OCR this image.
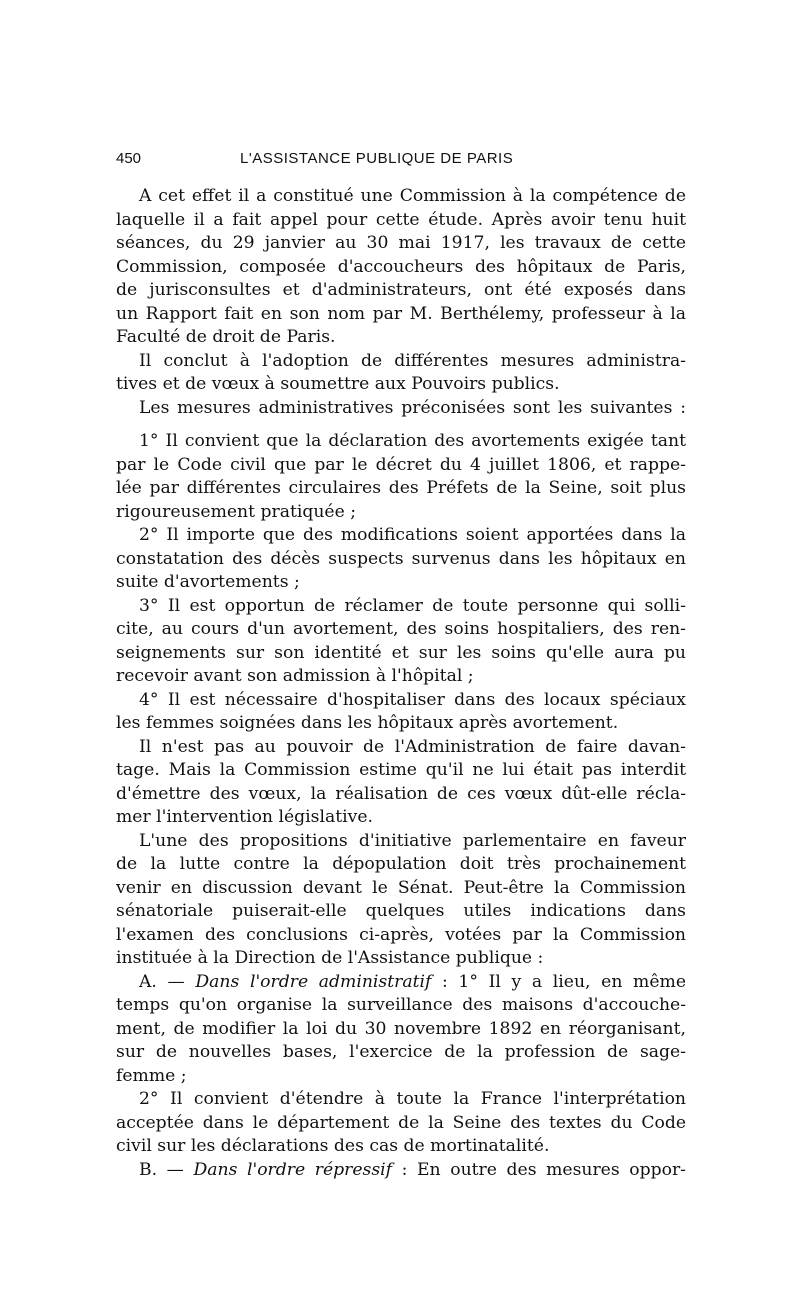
450	L'ASSISTANCE PUBLIQUE DE PARIS
A cet effet il a constitué une Commission à la compétence de
laquelle il a fait appel pour cette étude. Après avoir tenu huit
séances, du 29 janvier au 30 mai 1917, les travaux de cette
Commission, composée d'accoucheurs des hôpitaux de Paris,
de jurisconsultes et d'administrateurs, ont été exposés dans
un Rapport fait en son nom par M. Berthélemy, professeur à la
Faculté de droit de Paris.
Il conclut à l'adoption de différentes mesures administra-
tives et de vœux à soumettre aux Pouvoirs publics.
Les mesures administratives préconisées sont les suivantes :
1° Il convient que la déclaration des avortements exigée tant
par le Code civil que par le décret du 4 juillet 1806, et rappe-
lée par différentes circulaires des Préfets de la Seine, soit plus
rigoureusement pratiquée ;
2° Il importe que des modifications soient apportées dans la
constatation des décès suspects survenus dans les hôpitaux en
suite d'avortements ;
3° Il est opportun de réclamer de toute personne qui solli-
cite, au cours d'un avortement, des soins hospitaliers, des ren-
seignements sur son identité et sur les soins qu'elle aura pu
recevoir avant son admission à l'hôpital ;
4° Il est nécessaire d'hospitaliser dans des locaux spéciaux
les femmes soignées dans les hôpitaux après avortement.
Il n'est pas au pouvoir de l'Administration de faire davan-
tage. Mais la Commission estime qu'il ne lui était pas interdit
d'émettre des vœux, la réalisation de ces vœux dût-elle récla-
mer l'intervention législative.
L'une des propositions d'initiative parlementaire en faveur
de la lutte contre la dépopulation doit très prochainement
venir en discussion devant le Sénat. Peut-être la Commission
sénatoriale puiserait-elle quelques utiles indications dans
l'examen des conclusions ci-après, votées par la Commission
instituée à la Direction de l'Assistance publique :
A. — Dans l'ordre administratif : 1° Il y a lieu, en même
temps qu'on organise la surveillance des maisons d'accouche-
ment, de modifier la loi du 30 novembre 1892 en réorganisant,
sur de nouvelles bases, l'exercice de la profession de sage-
femme ;
2° Il convient d'étendre à toute la France l'interprétation
acceptée dans le département de la Seine des textes du Code
civil sur les déclarations des cas de mortinatalité.
B. — Dans l'ordre répressif : En outre des mesures oppor-
